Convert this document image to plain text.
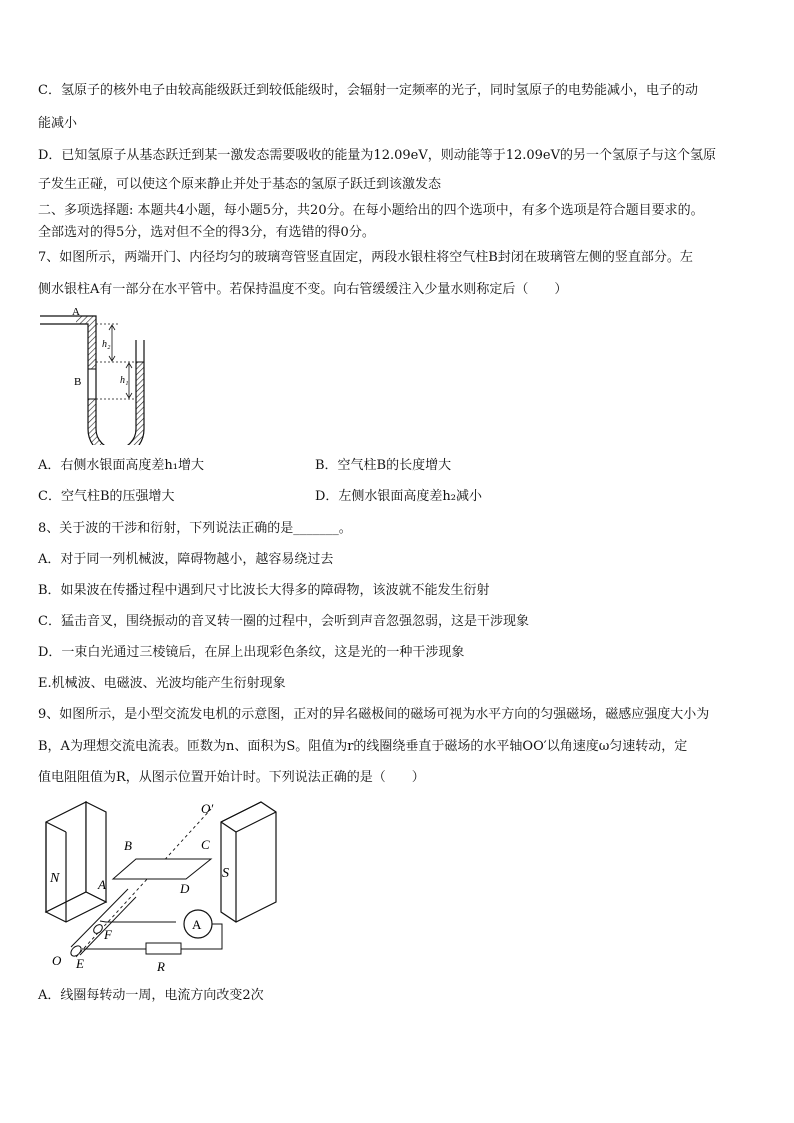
C．氢原子的核外电子由较高能级跃迁到较低能级时，会辐射一定频率的光子，同时氢原子的电势能减小，电子的动
能减小
D．已知氢原子从基态跃迁到某一激发态需要吸收的能量为12.09eV，则动能等于12.09eV的另一个氢原子与这个氢原
子发生正碰，可以使这个原来静止并处于基态的氢原子跃迁到该激发态
二、多项选择题: 本题共4小题，每小题5分，共20分。在每小题给出的四个选项中，有多个选项是符合题目要求的。
全部选对的得5分，选对但不全的得3分，有选错的得0分。
7、如图所示，两端开门、内径均匀的玻璃弯管竖直固定，两段水银柱将空气柱B封闭在玻璃管左侧的竖直部分。左
侧水银柱A有一部分在水平管中。若保持温度不变。向右管缓缓注入少量水则称定后（　　）
A
B
h₂
h₁
A．右侧水银面高度差h₁增大	B．空气柱B的长度增大
C．空气柱B的压强增大	D．左侧水银面高度差h₂减小
8、关于波的干涉和衍射，下列说法正确的是_______。
A．对于同一列机械波，障碍物越小，越容易绕过去
B．如果波在传播过程中遇到尺寸比波长大得多的障碍物，该波就不能发生衍射
C．猛击音叉，围绕振动的音叉转一圈的过程中，会听到声音忽强忽弱，这是干涉现象
D．一束白光通过三棱镜后，在屏上出现彩色条纹，这是光的一种干涉现象
E.机械波、电磁波、光波均能产生衍射现象
9、如图所示，是小型交流发电机的示意图，正对的异名磁极间的磁场可视为水平方向的匀强磁场，磁感应强度大小为
B，A为理想交流电流表。匝数为n、面积为S。阻值为r的线圈绕垂直于磁场的水平轴OO′以角速度ω匀速转动，定
值电阻阻值为R，从图示位置开始计时。下列说法正确的是（　　）
N	S
B	C
A	D
O′
O E
F
R
A
A．线圈每转动一周，电流方向改变2次
